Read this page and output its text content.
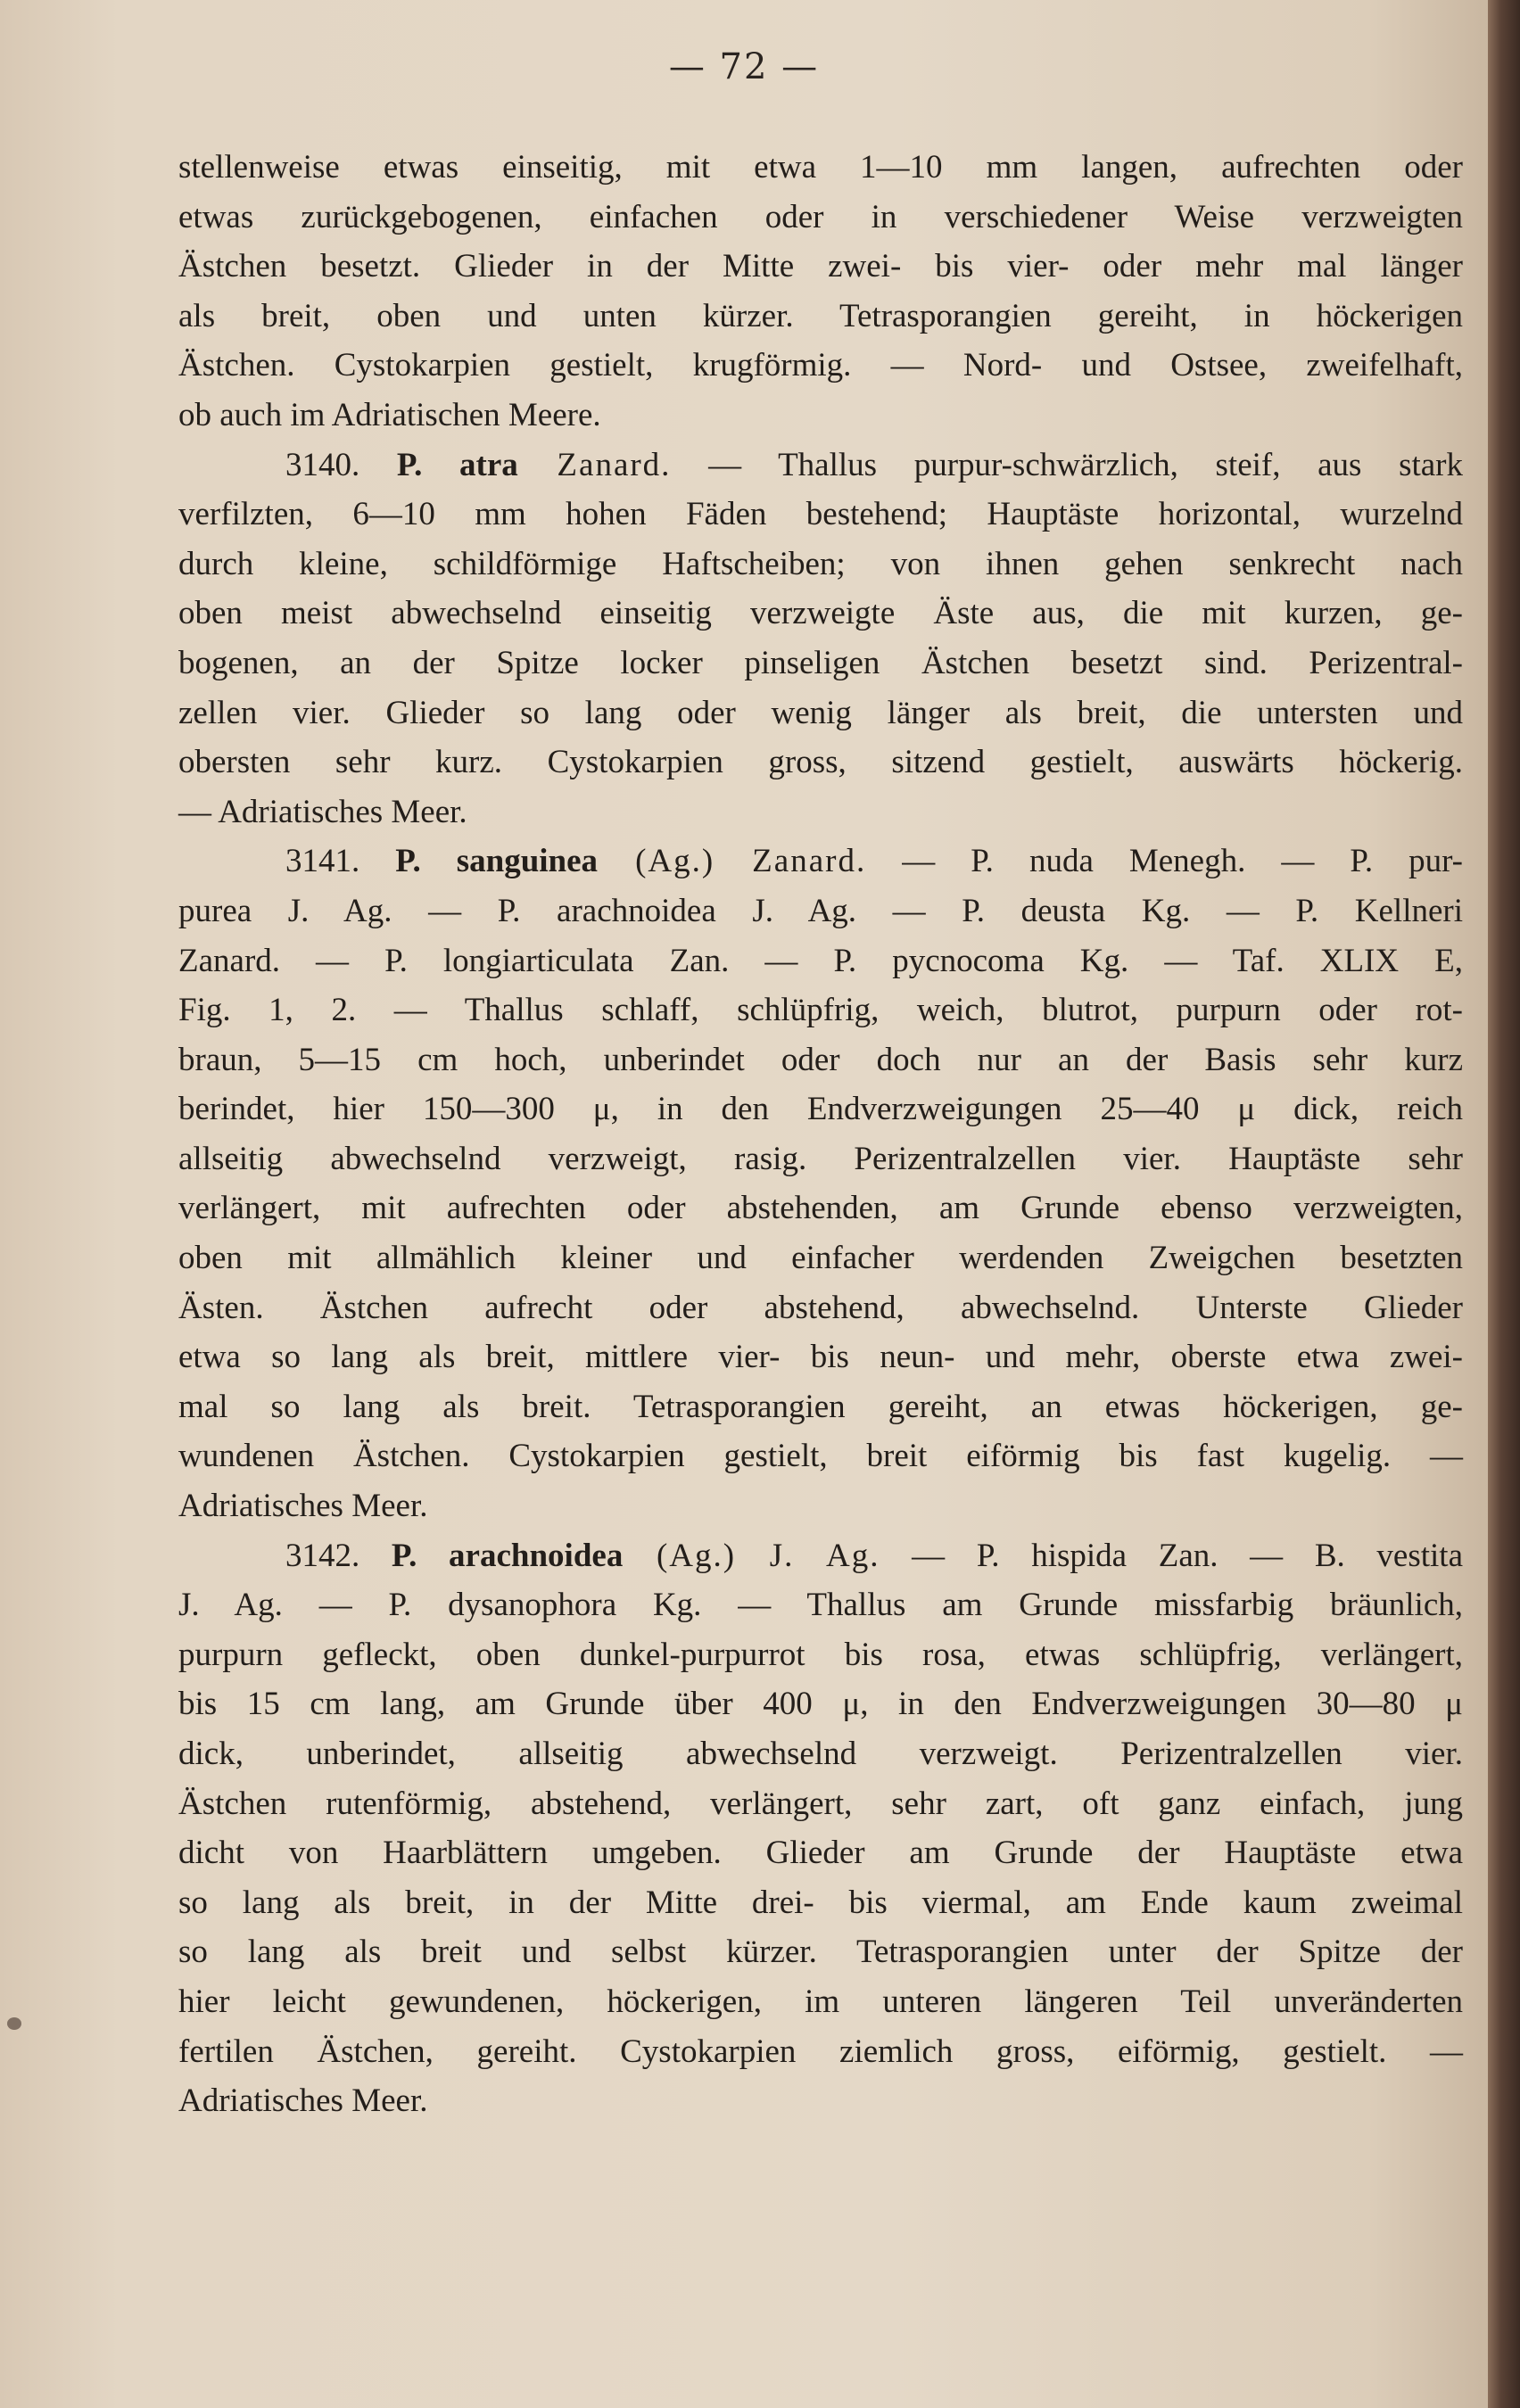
— 72 —
stellenweise etwas einseitig, mit etwa 1—10 mm langen, aufrechten oder
etwas zurückgebogenen, einfachen oder in verschiedener Weise verzweigten
Ästchen besetzt. Glieder in der Mitte zwei- bis vier- oder mehr mal länger
als breit, oben und unten kürzer. Tetrasporangien gereiht, in höckerigen
Ästchen. Cystokarpien gestielt, krugförmig. — Nord- und Ostsee, zweifelhaft,
ob auch im Adriatischen Meere.
3140. P. atra Zanard. — Thallus purpur-schwärzlich, steif, aus stark
verfilzten, 6—10 mm hohen Fäden bestehend; Hauptäste horizontal, wurzelnd
durch kleine, schildförmige Haftscheiben; von ihnen gehen senkrecht nach
oben meist abwechselnd einseitig verzweigte Äste aus, die mit kurzen, ge-
bogenen, an der Spitze locker pinseligen Ästchen besetzt sind. Perizentral-
zellen vier. Glieder so lang oder wenig länger als breit, die untersten und
obersten sehr kurz. Cystokarpien gross, sitzend gestielt, auswärts höckerig.
— Adriatisches Meer.
3141. P. sanguinea (Ag.) Zanard. — P. nuda Menegh. — P. pur-
purea J. Ag. — P. arachnoidea J. Ag. — P. deusta Kg. — P. Kellneri
Zanard. — P. longiarticulata Zan. — P. pycnocoma Kg. — Taf. XLIX E,
Fig. 1, 2. — Thallus schlaff, schlüpfrig, weich, blutrot, purpurn oder rot-
braun, 5—15 cm hoch, unberindet oder doch nur an der Basis sehr kurz
berindet, hier 150—300 μ, in den Endverzweigungen 25—40 μ dick, reich
allseitig abwechselnd verzweigt, rasig. Perizentralzellen vier. Hauptäste sehr
verlängert, mit aufrechten oder abstehenden, am Grunde ebenso verzweigten,
oben mit allmählich kleiner und einfacher werdenden Zweigchen besetzten
Ästen. Ästchen aufrecht oder abstehend, abwechselnd. Unterste Glieder
etwa so lang als breit, mittlere vier- bis neun- und mehr, oberste etwa zwei-
mal so lang als breit. Tetrasporangien gereiht, an etwas höckerigen, ge-
wundenen Ästchen. Cystokarpien gestielt, breit eiförmig bis fast kugelig. —
Adriatisches Meer.
3142. P. arachnoidea (Ag.) J. Ag. — P. hispida Zan. — B. vestita
J. Ag. — P. dysanophora Kg. — Thallus am Grunde missfarbig bräunlich,
purpurn gefleckt, oben dunkel-purpurrot bis rosa, etwas schlüpfrig, verlängert,
bis 15 cm lang, am Grunde über 400 μ, in den Endverzweigungen 30—80 μ
dick, unberindet, allseitig abwechselnd verzweigt. Perizentralzellen vier.
Ästchen rutenförmig, abstehend, verlängert, sehr zart, oft ganz einfach, jung
dicht von Haarblättern umgeben. Glieder am Grunde der Hauptäste etwa
so lang als breit, in der Mitte drei- bis viermal, am Ende kaum zweimal
so lang als breit und selbst kürzer. Tetrasporangien unter der Spitze der
hier leicht gewundenen, höckerigen, im unteren längeren Teil unveränderten
fertilen Ästchen, gereiht. Cystokarpien ziemlich gross, eiförmig, gestielt. —
Adriatisches Meer.
